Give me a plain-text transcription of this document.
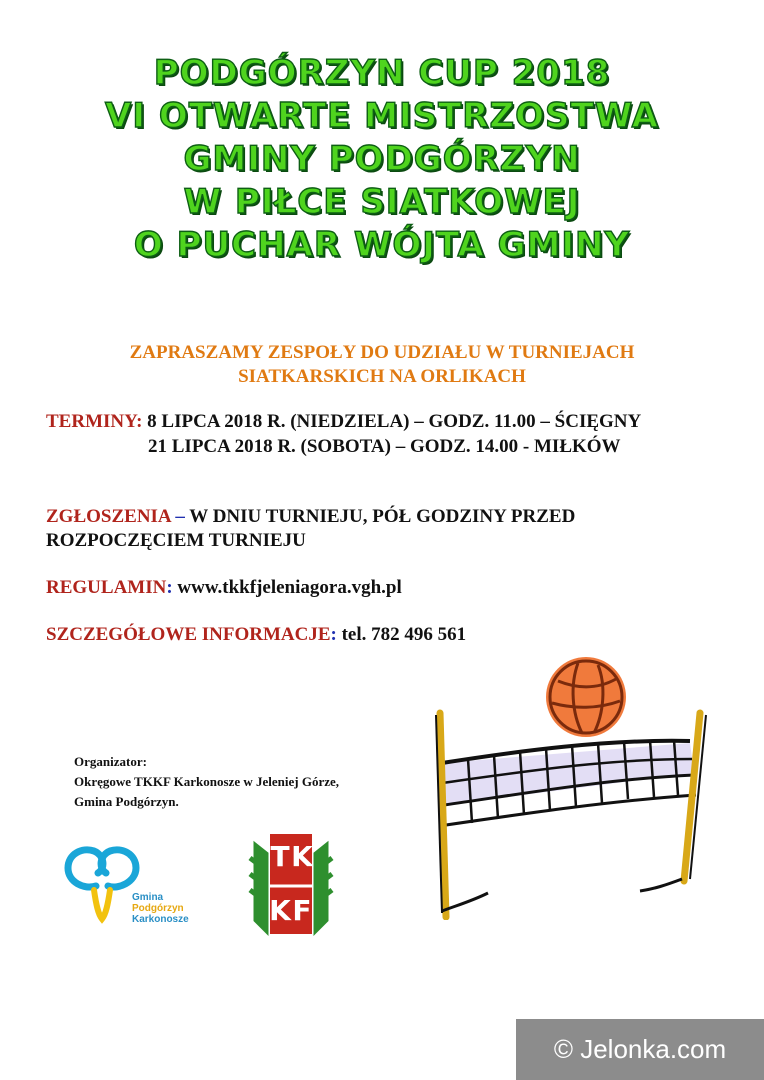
PODGÓRZYN CUP 2018
VI OTWARTE MISTRZOSTWA
GMINY PODGÓRZYN
W PIŁCE SIATKOWEJ
O PUCHAR WÓJTA GMINY
ZAPRASZAMY ZESPOŁY DO UDZIAŁU W TURNIEJACH
SIATKARSKICH NA ORLIKACH
TERMINY: 8 LIPCA 2018 R. (NIEDZIELA) – GODZ. 11.00 – ŚCIĘGNY
21 LIPCA 2018 R. (SOBOTA) – GODZ. 14.00 - MIŁKÓW
ZGŁOSZENIA – W DNIU TURNIEJU, PÓŁ GODZINY PRZED
ROZPOCZĘCIEM TURNIEJU
REGULAMIN: www.tkkfjeleniagora.vgh.pl
SZCZEGÓŁOWE INFORMACJE: tel. 782 496 561
Organizator:
Okręgowe TKKF Karkonosze w Jeleniej Górze,
Gmina Podgórzyn.
Gmina
Podgórzyn
Karkonosze
T K
K F
© Jelonka.com
